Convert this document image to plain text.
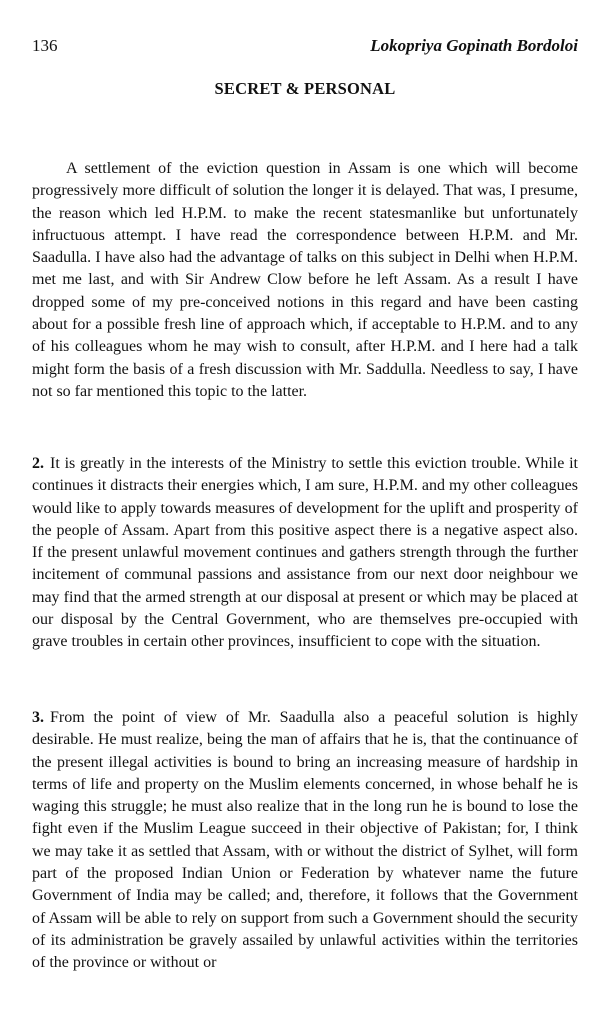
136	Lokopriya Gopinath Bordoloi
SECRET & PERSONAL

A settlement of the eviction question in Assam is one which will become progressively more difficult of solution the longer it is delayed. That was, I presume, the reason which led H.P.M. to make the recent statesmanlike but unfortunately infructuous attempt. I have read the correspondence between H.P.M. and Mr. Saadulla. I have also had the advantage of talks on this subject in Delhi when H.P.M. met me last, and with Sir Andrew Clow before he left Assam. As a result I have dropped some of my pre-conceived notions in this regard and have been casting about for a possible fresh line of approach which, if acceptable to H.P.M. and to any of his colleagues whom he may wish to consult, after H.P.M. and I here had a talk might form the basis of a fresh discussion with Mr. Saddulla. Needless to say, I have not so far mentioned this topic to the latter.

2. It is greatly in the interests of the Ministry to settle this eviction trouble. While it continues it distracts their energies which, I am sure, H.P.M. and my other colleagues would like to apply towards measures of development for the uplift and prosperity of the people of Assam. Apart from this positive aspect there is a negative aspect also. If the present unlawful movement continues and gathers strength through the further incitement of communal passions and assistance from our next door neighbour we may find that the armed strength at our disposal at present or which may be placed at our disposal by the Central Government, who are themselves pre-occupied with grave troubles in certain other provinces, insufficient to cope with the situation.

3. From the point of view of Mr. Saadulla also a peaceful solution is highly desirable. He must realize, being the man of affairs that he is, that the continuance of the present illegal activities is bound to bring an increasing measure of hardship in terms of life and property on the Muslim elements concerned, in whose behalf he is waging this struggle; he must also realize that in the long run he is bound to lose the fight even if the Muslim League succeed in their objective of Pakistan; for, I think we may take it as settled that Assam, with or without the district of Sylhet, will form part of the proposed Indian Union or Federation by whatever name the future Government of India may be called; and, therefore, it follows that the Government of Assam will be able to rely on support from such a Government should the security of its administration be gravely assailed by unlawful activities within the territories of the province or without or
